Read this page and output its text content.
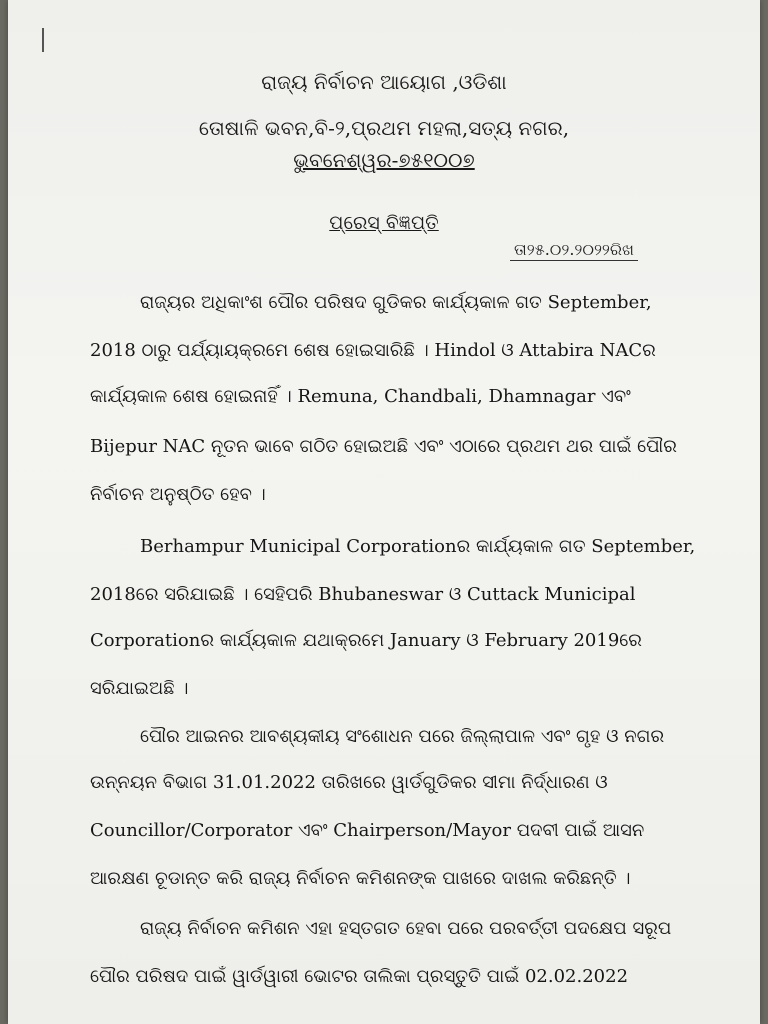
ରାଜ୍ୟ ନିର୍ବାଚନ ଆୟୋଗ ,ଓଡିଶା
ତୋଷାଳି ଭବନ,ବି-୨,ପ୍ରଥମ ମହଲା,ସତ୍ୟ ନଗର,
ଭୁବନେଶ୍ୱର-୭୫୧୦୦୭
ପ୍ରେସ୍ ବିଜ୍ଞପ୍ତି
ତା୨୫.୦୨.୨୦୨୨ରିଖ
ରାଜ୍ୟର ଅଧିକାଂଶ ପୌର ପରିଷଦ ଗୁଡିକର କାର୍ଯ୍ୟକାଳ ଗତ September,
2018 ଠାରୁ ପର୍ଯ୍ୟାୟକ୍ରମେ ଶେଷ ହୋଇସାରିଛି । Hindol ଓ Attabira NACର
କାର୍ଯ୍ୟକାଳ ଶେଷ ହୋଇନାହିଁ । Remuna, Chandbali, Dhamnagar ଏବଂ
Bijepur NAC ନୂତନ ଭାବେ ଗଠିତ ହୋଇଅଛି ଏବଂ ଏଠାରେ ପ୍ରଥମ ଥର ପାଇଁ ପୌର
ନିର୍ବାଚନ ଅନୁଷ୍ଠିତ ହେବ ।
Berhampur Municipal Corporationର କାର୍ଯ୍ୟକାଳ ଗତ September,
2018ରେ ସରିଯାଇଛି । ସେହିପରି Bhubaneswar ଓ Cuttack Municipal
Corporationର କାର୍ଯ୍ୟକାଳ ଯଥାକ୍ରମେ January ଓ February 2019ରେ
ସରିଯାଇଅଛି ।
ପୌର ଆଇନର ଆବଶ୍ୟକୀୟ ସଂଶୋଧନ ପରେ ଜିଲ୍ଲାପାଳ ଏବଂ ଗୃହ ଓ ନଗର
ଉନ୍ନୟନ ବିଭାଗ 31.01.2022 ତାରିଖରେ ୱାର୍ଡଗୁଡିକର ସୀମା ନିର୍ଦ୍ଧାରଣ ଓ
Councillor/Corporator ଏବଂ Chairperson/Mayor ପଦବୀ ପାଇଁ ଆସନ
ଆରକ୍ଷଣ ଚୂଡାନ୍ତ କରି ରାଜ୍ୟ ନିର୍ବାଚନ କମିଶନଙ୍କ ପାଖରେ ଦାଖଲ କରିଛନ୍ତି ।
ରାଜ୍ୟ ନିର୍ବାଚନ କମିଶନ ଏହା ହସ୍ତଗତ ହେବା ପରେ ପରବର୍ତ୍ତୀ ପଦକ୍ଷେପ ସରୂପ
ପୌର ପରିଷଦ ପାଇଁ ୱାର୍ଡୱାରୀ ଭୋଟର ତାଲିକା ପ୍ରସ୍ତୁତି ପାଇଁ 02.02.2022
